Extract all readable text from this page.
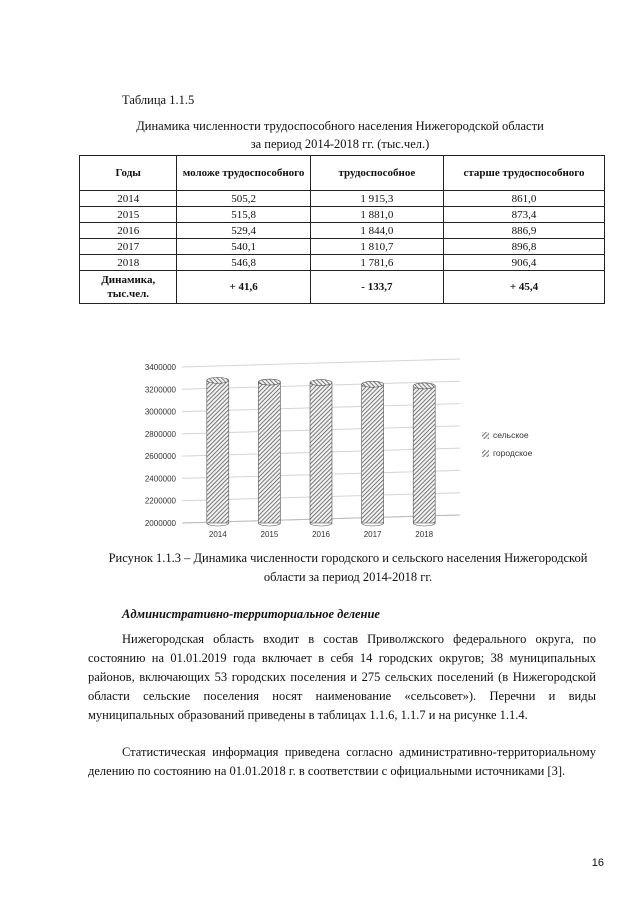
Таблица 1.1.5
Динамика численности трудоспособного населения Нижегородской области
за период 2014-2018 гг. (тыс.чел.)
Годы	моложе трудоспособного	трудоспособное	старше трудоспособного
2014	505,2	1 915,3	861,0
2015	515,8	1 881,0	873,4
2016	529,4	1 844,0	886,9
2017	540,1	1 810,7	896,8
2018	546,8	1 781,6	906,4
Динамика, тыс.чел.	+ 41,6	- 133,7	+ 45,4
2000000
2200000
2400000
2600000
2800000
3000000
3200000
3400000
2014	2015	2016	2017	2018
сельское
городское
Рисунок 1.1.3 – Динамика численности городского и сельского населения Нижегородской
области за период 2014-2018 гг.
Административно-территориальное деление
Нижегородская область входит в состав Приволжского федерального округа, по состоянию на 01.01.2019 года включает в себя 14 городских округов; 38 муниципальных районов, включающих 53 городских поселения и 275 сельских поселений (в Нижегородской области сельские поселения носят наименование «сельсовет»). Перечни и виды муниципальных образований приведены в таблицах 1.1.6, 1.1.7 и на рисунке 1.1.4.
Статистическая информация приведена согласно административно-территориальному делению по состоянию на 01.01.2018 г. в соответствии с официальными источниками [3].
16
